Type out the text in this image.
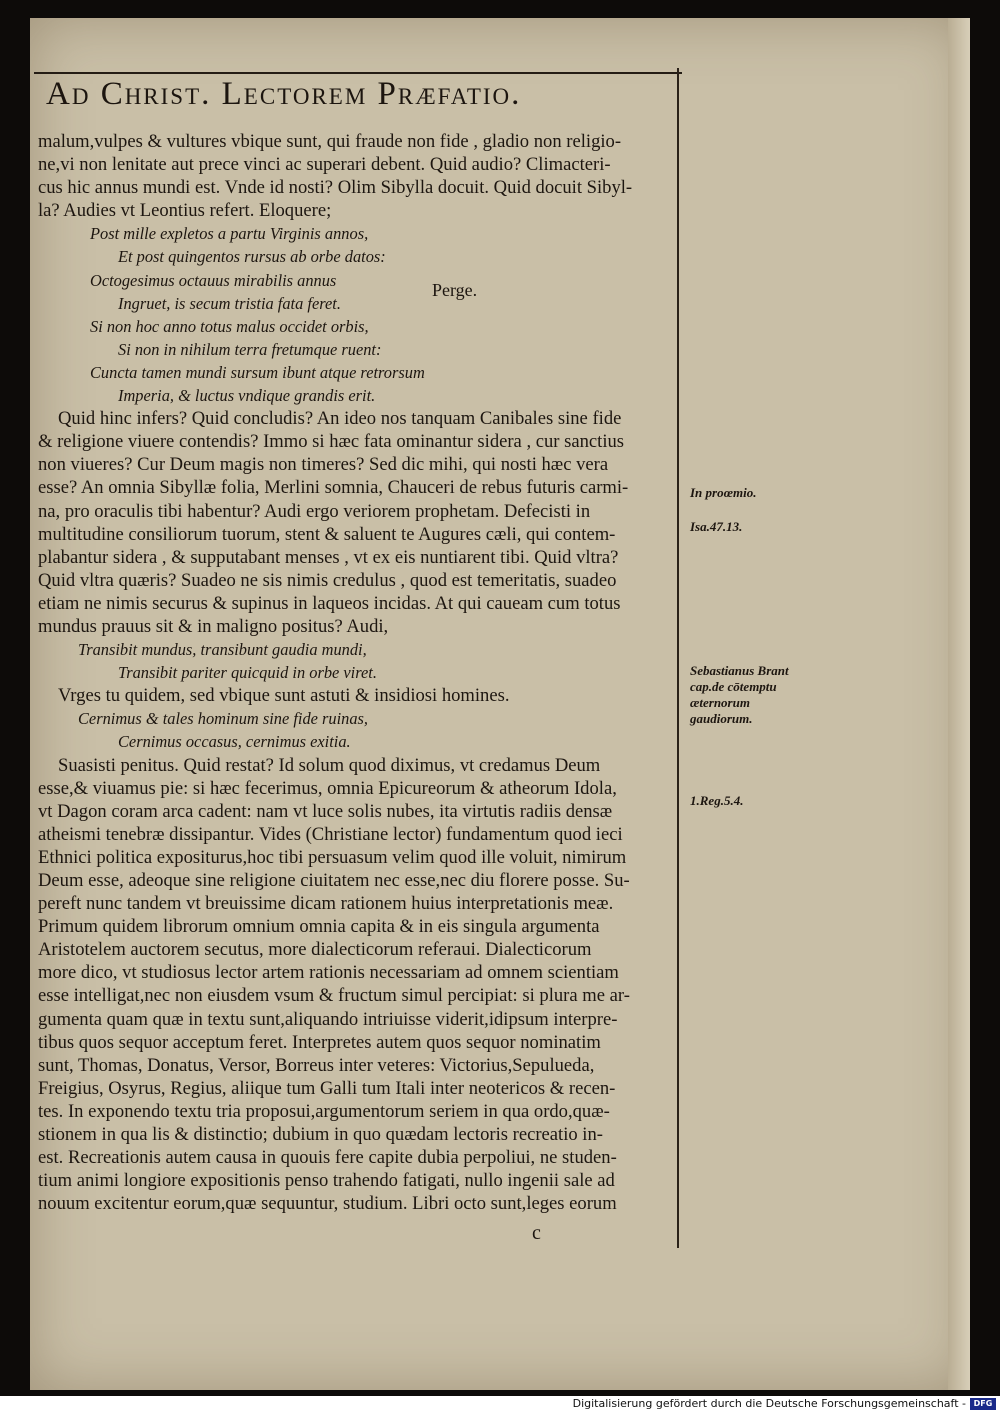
Ad Christ. Lectorem Præfatio.
malum,vulpes & vultures vbique sunt, qui fraude non fide , gladio non religio-
ne,vi non lenitate aut prece vinci ac superari debent. Quid audio? Climacteri-
cus hic annus mundi est. Vnde id nosti? Olim Sibylla docuit. Quid docuit Sibyl-
la? Audies vt Leontius refert. Eloquere;
Post mille expletos a partu Virginis annos,
Et post quingentos rursus ab orbe datos:
Octogesimus octauus mirabilis annus
Ingruet, is secum tristia fata feret.
Si non hoc anno totus malus occidet orbis,
Si non in nihilum terra fretumque ruent:
Cuncta tamen mundi sursum ibunt atque retrorsum
Imperia, & luctus vndique grandis erit.
Quid hinc infers? Quid concludis? An ideo nos tanquam Canibales sine fide
& religione viuere contendis? Immo si hæc fata ominantur sidera , cur sanctius
non viueres? Cur Deum magis non timeres? Sed dic mihi, qui nosti hæc vera
esse? An omnia Sibyllæ folia, Merlini somnia, Chauceri de rebus futuris carmi-
na, pro oraculis tibi habentur? Audi ergo veriorem prophetam. Defecisti in
multitudine consiliorum tuorum, stent & saluent te Augures cæli, qui contem-
plabantur sidera , & supputabant menses , vt ex eis nuntiarent tibi. Quid vltra?
Quid vltra quæris? Suadeo ne sis nimis credulus , quod est temeritatis, suadeo
etiam ne nimis securus & supinus in laqueos incidas. At qui caueam cum totus
mundus prauus sit & in maligno positus? Audi,
Transibit mundus, transibunt gaudia mundi,
Transibit pariter quicquid in orbe viret.
Vrges tu quidem, sed vbique sunt astuti & insidiosi homines.
Cernimus & tales hominum sine fide ruinas,
Cernimus occasus, cernimus exitia.
Suasisti penitus. Quid restat? Id solum quod diximus, vt credamus Deum
esse,& viuamus pie: si hæc fecerimus, omnia Epicureorum & atheorum Idola,
vt Dagon coram arca cadent: nam vt luce solis nubes, ita virtutis radiis densæ
atheismi tenebræ dissipantur. Vides (Christiane lector) fundamentum quod ieci
Ethnici politica expositurus,hoc tibi persuasum velim quod ille voluit, nimirum
Deum esse, adeoque sine religione ciuitatem nec esse,nec diu florere posse. Su-
pereft nunc tandem vt breuissime dicam rationem huius interpretationis meæ.
Primum quidem librorum omnium omnia capita & in eis singula argumenta
Aristotelem auctorem secutus, more dialecticorum referaui. Dialecticorum
more dico, vt studiosus lector artem rationis necessariam ad omnem scientiam
esse intelligat,nec non eiusdem vsum & fructum simul percipiat: si plura me ar-
gumenta quam quæ in textu sunt,aliquando intriuisse viderit,idipsum interpre-
tibus quos sequor acceptum feret. Interpretes autem quos sequor nominatim
sunt, Thomas, Donatus, Versor, Borreus inter veteres: Victorius,Sepulueda,
Freigius, Osyrus, Regius, aliique tum Galli tum Itali inter neotericos & recen-
tes. In exponendo textu tria proposui,argumentorum seriem in qua ordo,quæ-
stionem in qua lis & distinctio; dubium in quo quædam lectoris recreatio in-
est. Recreationis autem causa in quouis fere capite dubia perpoliui, ne studen-
tium animi longiore expositionis penso trahendo fatigati, nullo ingenii sale ad
nouum excitentur eorum,quæ sequuntur, studium. Libri octo sunt,leges eorum
Perge.
In proœmio.
Isa.47.13.
Sebastianus Brant cap.de cōtemptu æternorum gaudiorum.
1.Reg.5.4.
c
Digitalisierung gefördert durch die Deutsche Forschungsgemeinschaft - DFG
